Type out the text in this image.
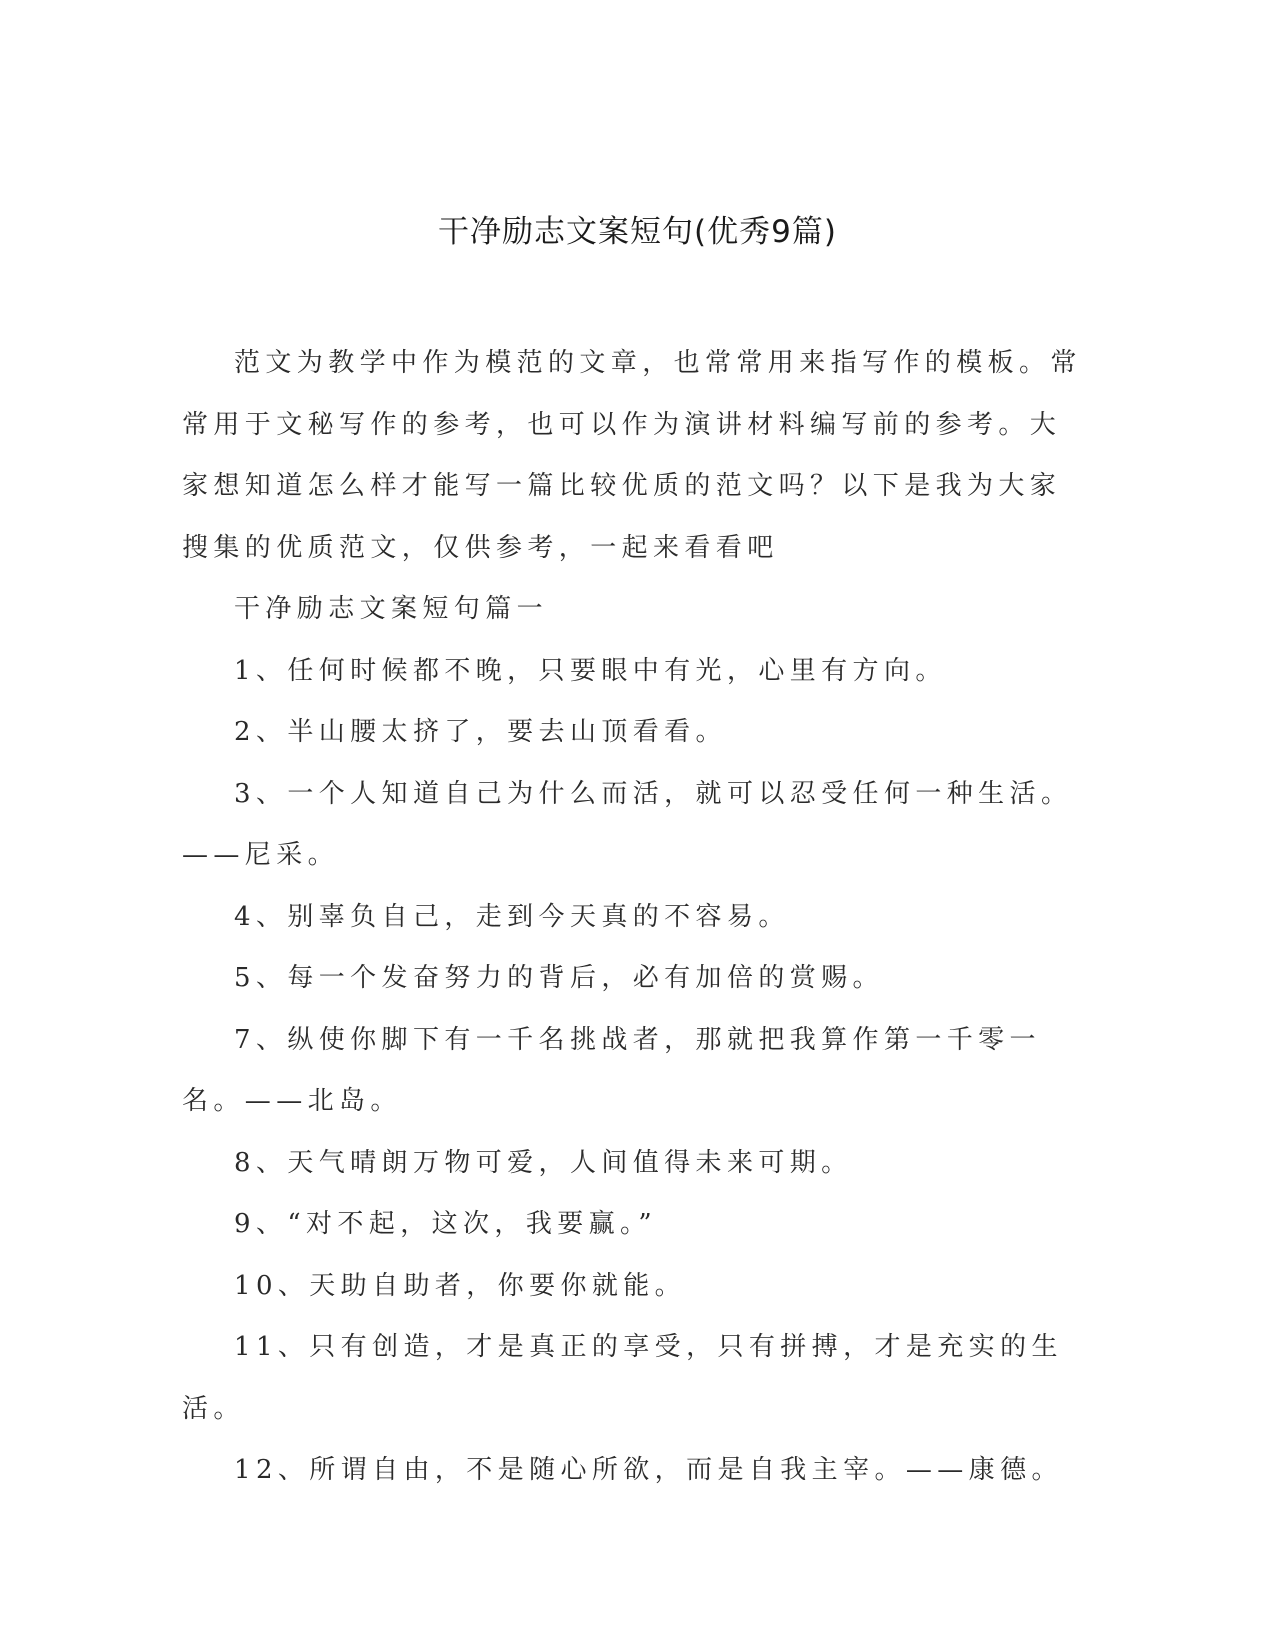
干净励志文案短句(优秀9篇)

范文为教学中作为模范的文章，也常常用来指写作的模板。常常用于文秘写作的参考，也可以作为演讲材料编写前的参考。大家想知道怎么样才能写一篇比较优质的范文吗？以下是我为大家搜集的优质范文，仅供参考，一起来看看吧

干净励志文案短句篇一

1、任何时候都不晚，只要眼中有光，心里有方向。

2、半山腰太挤了，要去山顶看看。

3、一个人知道自己为什么而活，就可以忍受任何一种生活。——尼采。

4、别辜负自己，走到今天真的不容易。

5、每一个发奋努力的背后，必有加倍的赏赐。

7、纵使你脚下有一千名挑战者，那就把我算作第一千零一名。——北岛。

8、天气晴朗万物可爱，人间值得未来可期。

9、“对不起，这次，我要赢。”

10、天助自助者，你要你就能。

11、只有创造，才是真正的享受，只有拼搏，才是充实的生活。

12、所谓自由，不是随心所欲，而是自我主宰。——康德。
